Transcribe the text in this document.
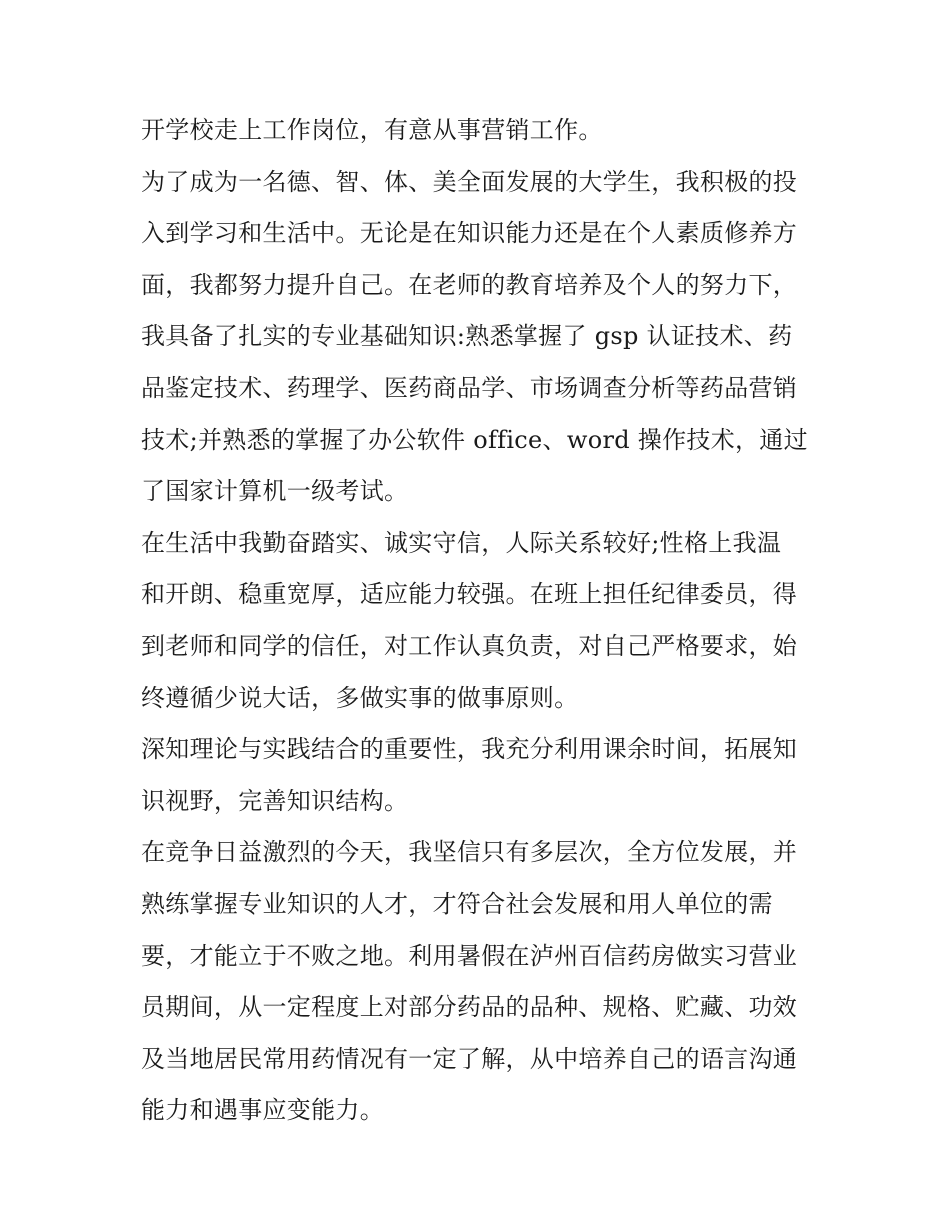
开学校走上工作岗位，有意从事营销工作。

为了成为一名德、智、体、美全面发展的大学生，我积极的投
入到学习和生活中。无论是在知识能力还是在个人素质修养方
面，我都努力提升自己。在老师的教育培养及个人的努力下，
我具备了扎实的专业基础知识:熟悉掌握了 gsp 认证技术、药
品鉴定技术、药理学、医药商品学、市场调查分析等药品营销
技术;并熟悉的掌握了办公软件 office、word 操作技术，通过
了国家计算机一级考试。

在生活中我勤奋踏实、诚实守信，人际关系较好;性格上我温
和开朗、稳重宽厚，适应能力较强。在班上担任纪律委员，得
到老师和同学的信任，对工作认真负责，对自己严格要求，始
终遵循少说大话，多做实事的做事原则。

深知理论与实践结合的重要性，我充分利用课余时间，拓展知
识视野，完善知识结构。

在竞争日益激烈的今天，我坚信只有多层次，全方位发展，并
熟练掌握专业知识的人才，才符合社会发展和用人单位的需
要，才能立于不败之地。利用暑假在泸州百信药房做实习营业
员期间，从一定程度上对部分药品的品种、规格、贮藏、功效
及当地居民常用药情况有一定了解，从中培养自己的语言沟通
能力和遇事应变能力。
